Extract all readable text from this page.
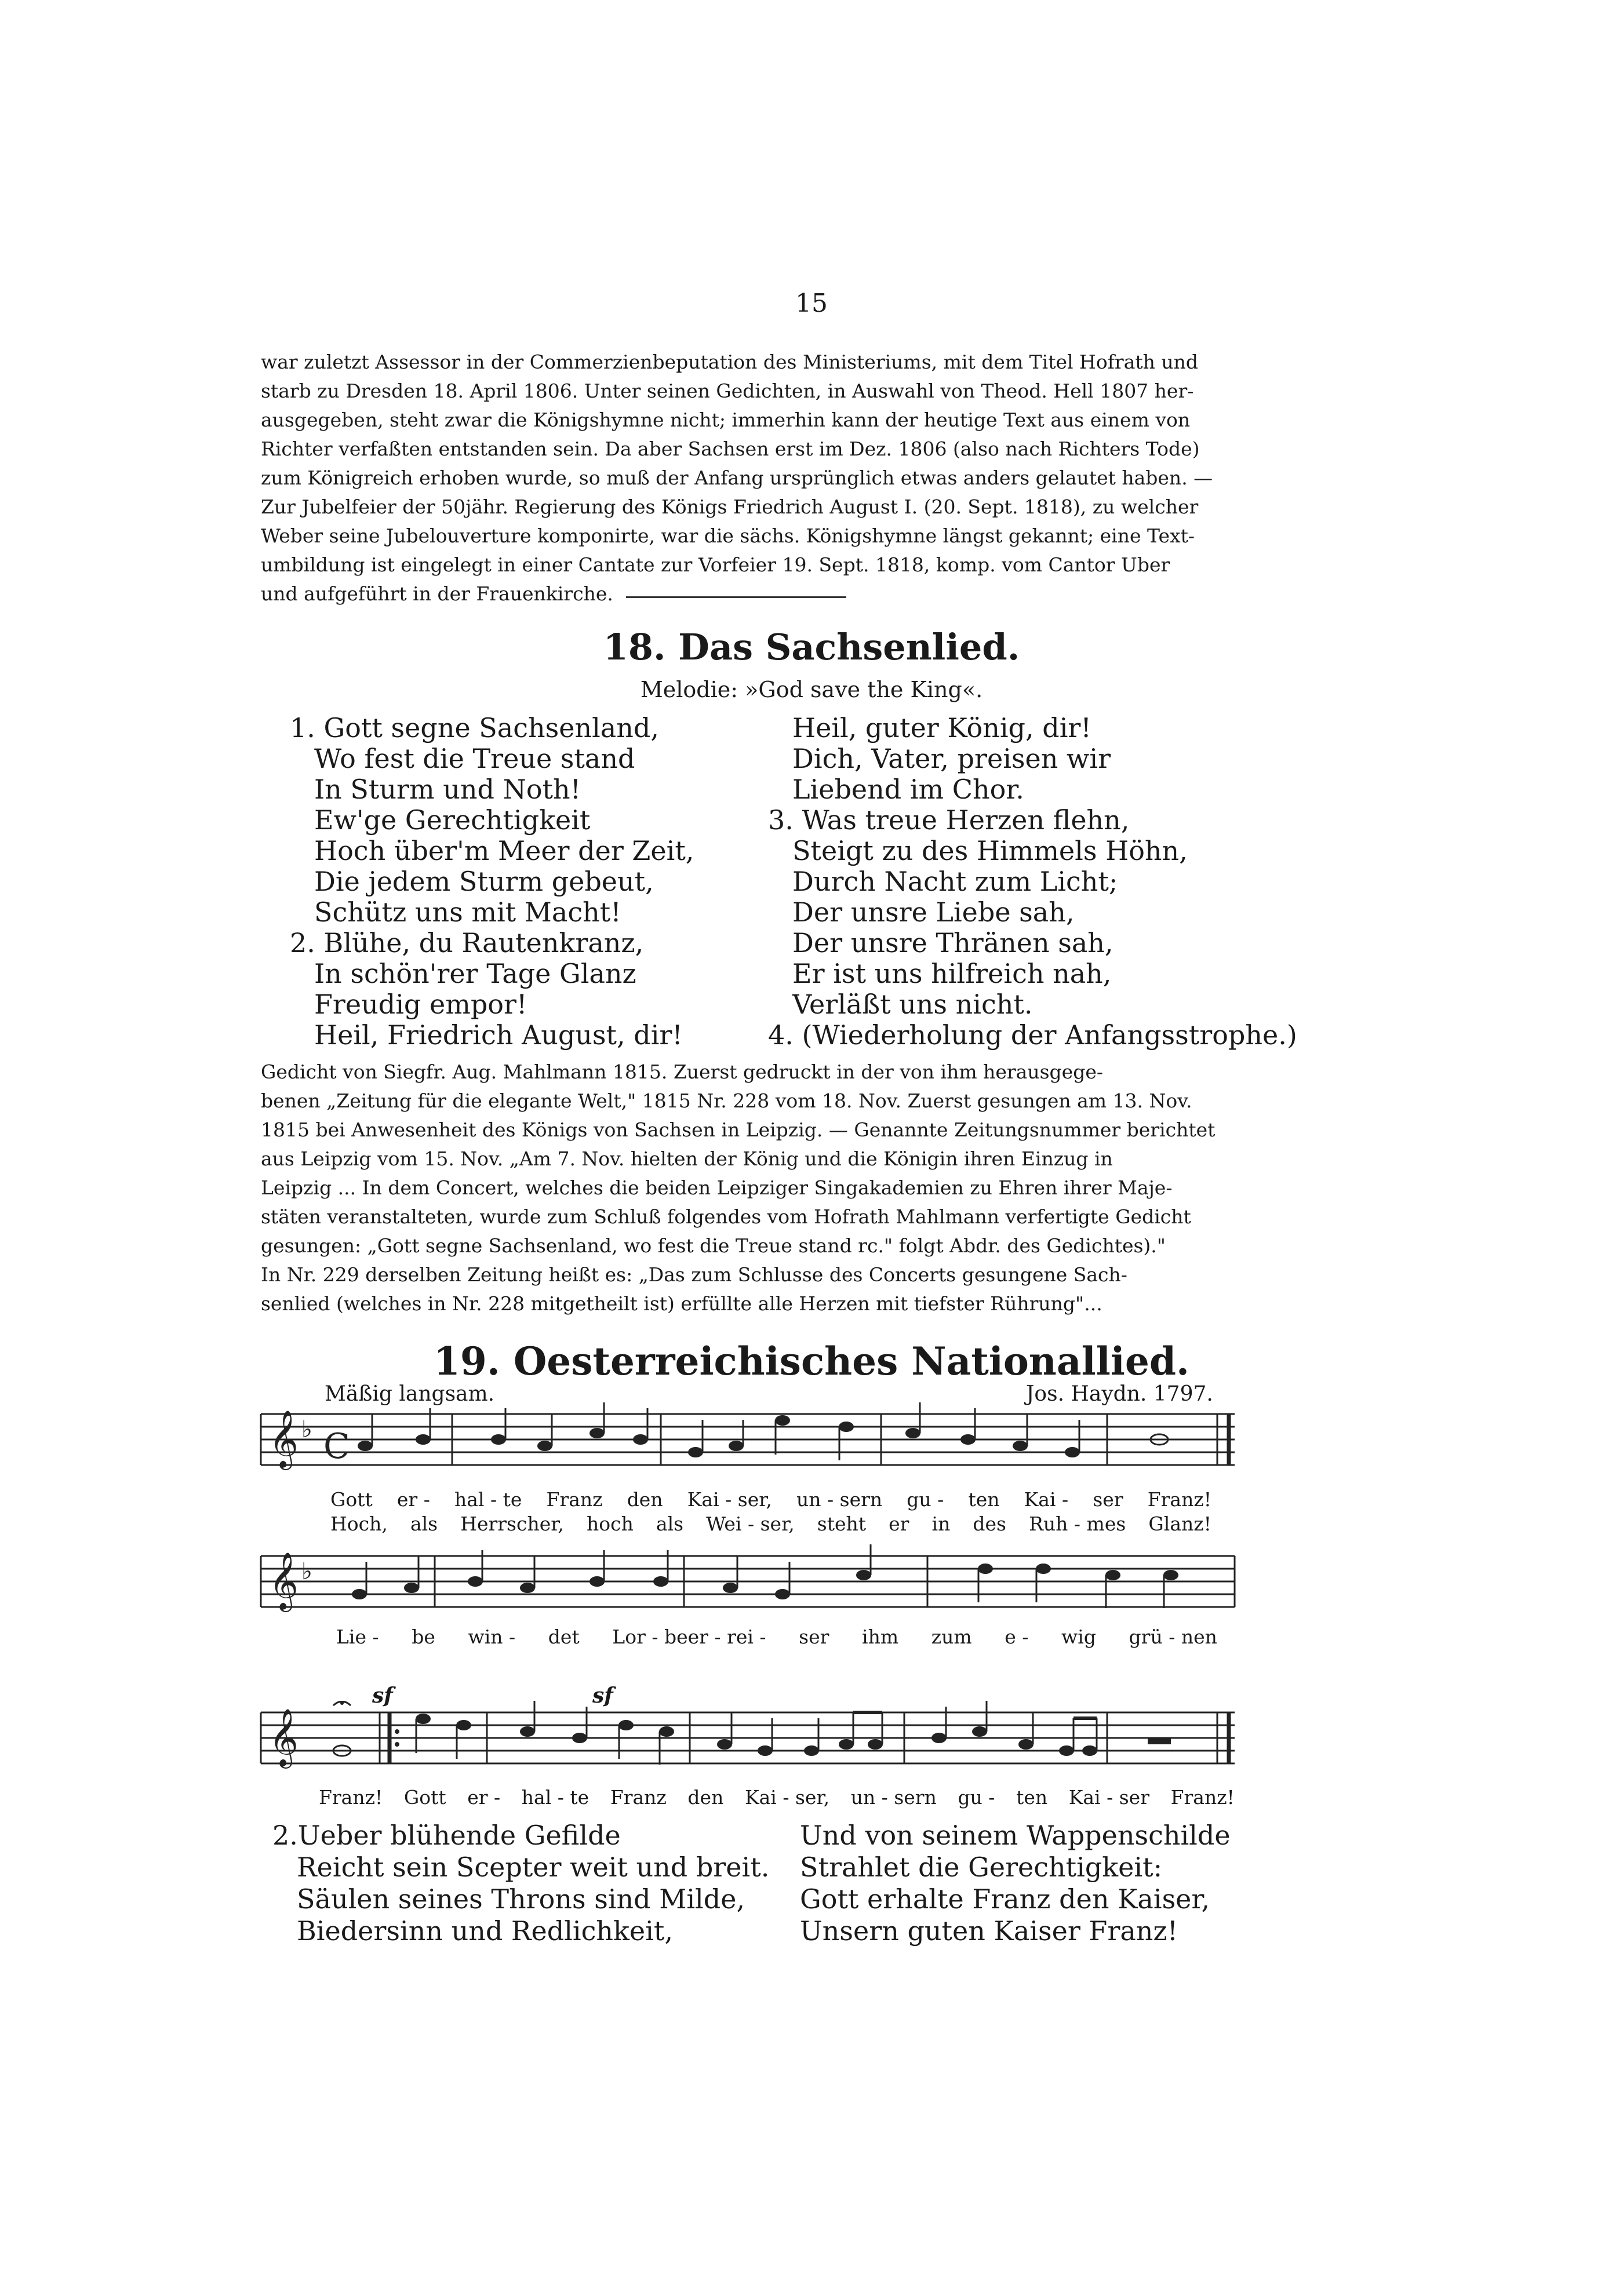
15
war zuletzt Assessor in der Commerzienbeputation des Ministeriums, mit dem Titel Hofrath und
starb zu Dresden 18. April 1806. Unter seinen Gedichten, in Auswahl von Theod. Hell 1807 her-
ausgegeben, steht zwar die Königshymne nicht; immerhin kann der heutige Text aus einem von
Richter verfaßten entstanden sein. Da aber Sachsen erst im Dez. 1806 (also nach Richters Tode)
zum Königreich erhoben wurde, so muß der Anfang ursprünglich etwas anders gelautet haben. —
Zur Jubelfeier der 50jähr. Regierung des Königs Friedrich August I. (20. Sept. 1818), zu welcher
Weber seine Jubelouverture komponirte, war die sächs. Königshymne längst gekannt; eine Text-
umbildung ist eingelegt in einer Cantate zur Vorfeier 19. Sept. 1818, komp. vom Cantor Uber
und aufgeführt in der Frauenkirche.
18. Das Sachsenlied.
Melodie: »God save the King«.
1. Gott segne Sachsenland,
Wo fest die Treue stand
In Sturm und Noth!
Ew'ge Gerechtigkeit
Hoch über'm Meer der Zeit,
Die jedem Sturm gebeut,
Schütz uns mit Macht!
2. Blühe, du Rautenkranz,
In schön'rer Tage Glanz
Freudig empor!
Heil, Friedrich August, dir!
Heil, guter König, dir!
Dich, Vater, preisen wir
Liebend im Chor.
3. Was treue Herzen flehn,
Steigt zu des Himmels Höhn,
Durch Nacht zum Licht;
Der unsre Liebe sah,
Der unsre Thränen sah,
Er ist uns hilfreich nah,
Verläßt uns nicht.
4. (Wiederholung der Anfangsstrophe.)
Gedicht von Siegfr. Aug. Mahlmann 1815. Zuerst gedruckt in der von ihm herausgege-
benen „Zeitung für die elegante Welt," 1815 Nr. 228 vom 18. Nov. Zuerst gesungen am 13. Nov.
1815 bei Anwesenheit des Königs von Sachsen in Leipzig. — Genannte Zeitungsnummer berichtet
aus Leipzig vom 15. Nov. „Am 7. Nov. hielten der König und die Königin ihren Einzug in
Leipzig ... In dem Concert, welches die beiden Leipziger Singakademien zu Ehren ihrer Maje-
stäten veranstalteten, wurde zum Schluß folgendes vom Hofrath Mahlmann verfertigte Gedicht
gesungen: „Gott segne Sachsenland, wo fest die Treue stand rc." folgt Abdr. des Gedichtes)."
In Nr. 229 derselben Zeitung heißt es: „Das zum Schlusse des Concerts gesungene Sach-
senlied (welches in Nr. 228 mitgetheilt ist) erfüllte alle Herzen mit tiefster Rührung"...
19. Oesterreichisches Nationallied.
Mäßig langsam.	Jos. Haydn. 1797.
𝄞 ♭ C
Gott er - hal - te Franz den Kai - ser, un - sern gu - ten Kai - ser Franz!
Hoch, als Herrscher, hoch als Wei - ser, steht er in des Ruh - mes Glanz!
𝄞 ♭
Lie - be win - det Lor - beer - rei - ser ihm zum e - wig grü - nen
sf	sf
𝄞
Franz! Gott er - hal - te Franz den Kai - ser, un - sern gu - ten Kai - ser Franz!
2.Ueber blühende Gefilde
Reicht sein Scepter weit und breit.
Säulen seines Throns sind Milde,
Biedersinn und Redlichkeit,
Und von seinem Wappenschilde
Strahlet die Gerechtigkeit:
Gott erhalte Franz den Kaiser,
Unsern guten Kaiser Franz!
